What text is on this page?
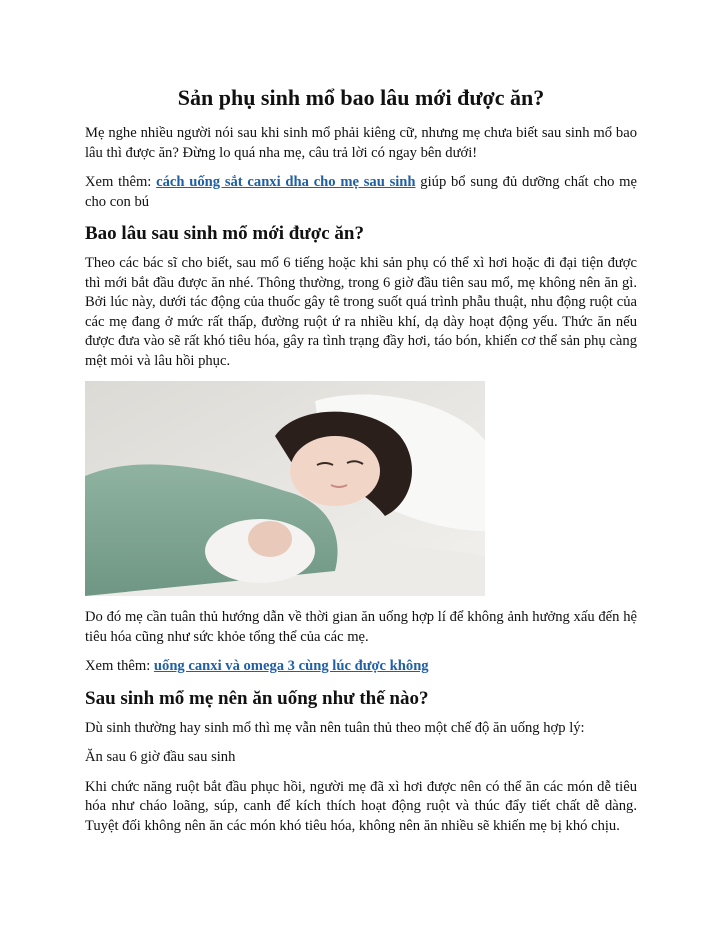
Sản phụ sinh mổ bao lâu mới được ăn?

Mẹ nghe nhiều người nói sau khi sinh mổ phải kiêng cữ, nhưng mẹ chưa biết sau sinh mổ bao lâu thì được ăn? Đừng lo quá nha mẹ, câu trả lời có ngay bên dưới!

Xem thêm: cách uống sắt canxi dha cho mẹ sau sinh giúp bổ sung đủ dưỡng chất cho mẹ cho con bú

Bao lâu sau sinh mổ mới được ăn?

Theo các bác sĩ cho biết, sau mổ 6 tiếng hoặc khi sản phụ có thể xì hơi hoặc đi đại tiện được thì mới bắt đầu được ăn nhé. Thông thường, trong 6 giờ đầu tiên sau mổ, mẹ không nên ăn gì. Bởi lúc này, dưới tác động của thuốc gây tê trong suốt quá trình phẫu thuật, nhu động ruột của các mẹ đang ở mức rất thấp, đường ruột ứ ra nhiều khí, dạ dày hoạt động yếu. Thức ăn nếu được đưa vào sẽ rất khó tiêu hóa, gây ra tình trạng đầy hơi, táo bón, khiến cơ thể sản phụ càng mệt mỏi và lâu hồi phục.

Do đó mẹ cần tuân thủ hướng dẫn về thời gian ăn uống hợp lí để không ảnh hưởng xấu đến hệ tiêu hóa cũng như sức khỏe tổng thể của các mẹ.

Xem thêm: uống canxi và omega 3 cùng lúc được không

Sau sinh mổ mẹ nên ăn uống như thế nào?

Dù sinh thường hay sinh mổ thì mẹ vẫn nên tuân thủ theo một chế độ ăn uống hợp lý:

Ăn sau 6 giờ đầu sau sinh

Khi chức năng ruột bắt đầu phục hồi, người mẹ đã xì hơi được nên có thể ăn các món dễ tiêu hóa như cháo loãng, súp, canh để kích thích hoạt động ruột và thúc đẩy tiết chất dễ dàng. Tuyệt đối không nên ăn các món khó tiêu hóa, không nên ăn nhiều sẽ khiến mẹ bị khó chịu.
